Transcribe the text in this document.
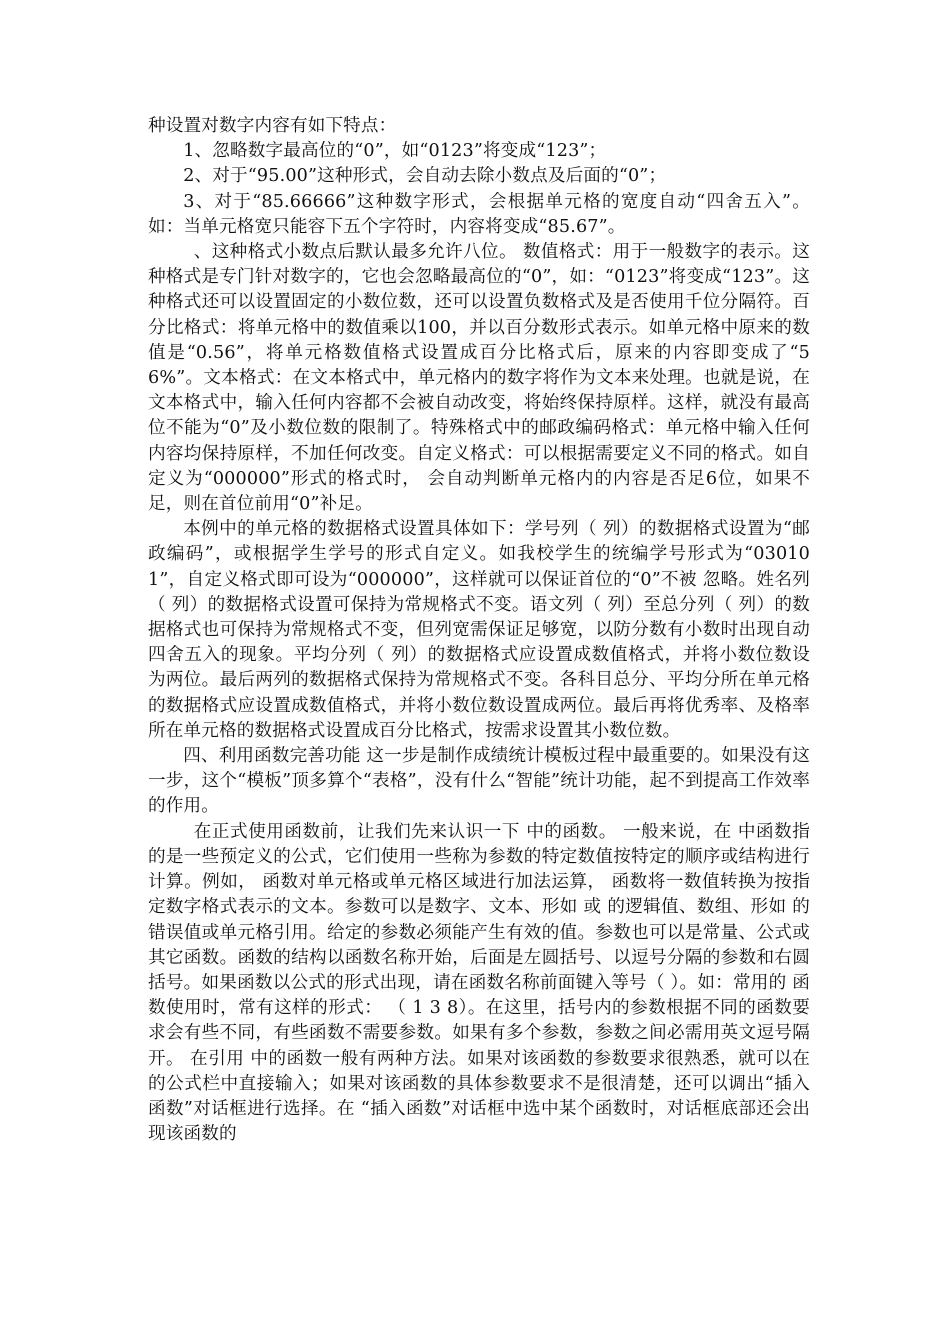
种设置对数字内容有如下特点：

1、忽略数字最高位的“0”，如“0123”将变成“123”；

2、对于“95.00”这种形式，会自动去除小数点及后面的“0”；

3、对于“85.66666”这种数字形式，会根据单元格的宽度自动“四舍五入”。如：当单元格宽只能容下五个字符时，内容将变成“85.67”。

、这种格式小数点后默认最多允许八位。 数值格式：用于一般数字的表示。这种格式是专门针对数字的，它也会忽略最高位的“0”，如：“0123”将变成“123”。这种格式还可以设置固定的小数位数，还可以设置负数格式及是否使用千位分隔符。百分比格式：将单元格中的数值乘以100，并以百分数形式表示。如单元格中原来的数值是“0.56”，将单元格数值格式设置成百分比格式后，原来的内容即变成了“56%”。文本格式：在文本格式中，单元格内的数字将作为文本来处理。也就是说，在文本格式中，输入任何内容都不会被自动改变，将始终保持原样。这样，就没有最高位不能为“0”及小数位数的限制了。特殊格式中的邮政编码格式：单元格中输入任何内容均保持原样，不加任何改变。自定义格式：可以根据需要定义不同的格式。如自定义为“000000”形式的格式时， 会自动判断单元格内的内容是否足6位，如果不足，则在首位前用“0”补足。

本例中的单元格的数据格式设置具体如下：学号列（ 列）的数据格式设置为“邮政编码”，或根据学生学号的形式自定义。如我校学生的统编学号形式为“030101”，自定义格式即可设为“000000”，这样就可以保证首位的“0”不被 忽略。姓名列（ 列）的数据格式设置可保持为常规格式不变。语文列（ 列）至总分列（ 列）的数据格式也可保持为常规格式不变，但列宽需保证足够宽，以防分数有小数时出现自动四舍五入的现象。平均分列（ 列）的数据格式应设置成数值格式，并将小数位数设为两位。最后两列的数据格式保持为常规格式不变。各科目总分、平均分所在单元格的数据格式应设置成数值格式，并将小数位数设置成两位。最后再将优秀率、及格率所在单元格的数据格式设置成百分比格式，按需求设置其小数位数。

四、利用函数完善功能 这一步是制作成绩统计模板过程中最重要的。如果没有这一步，这个“模板”顶多算个“表格”，没有什么“智能”统计功能，起不到提高工作效率的作用。

在正式使用函数前，让我们先来认识一下 中的函数。 一般来说，在 中函数指的是一些预定义的公式，它们使用一些称为参数的特定数值按特定的顺序或结构进行计算。例如， 函数对单元格或单元格区域进行加法运算， 函数将一数值转换为按指定数字格式表示的文本。参数可以是数字、文本、形如 或 的逻辑值、数组、形如 的错误值或单元格引用。给定的参数必须能产生有效的值。参数也可以是常量、公式或其它函数。函数的结构以函数名称开始，后面是左圆括号、以逗号分隔的参数和右圆括号。如果函数以公式的形式出现，请在函数名称前面键入等号（ ）。如：常用的 函数使用时，常有这样的形式： （ 1 3 8）。在这里，括号内的参数根据不同的函数要求会有些不同，有些函数不需要参数。如果有多个参数，参数之间必需用英文逗号隔开。 在引用 中的函数一般有两种方法。如果对该函数的参数要求很熟悉，就可以在 的公式栏中直接输入；如果对该函数的具体参数要求不是很清楚，还可以调出“插入函数”对话框进行选择。在 “插入函数”对话框中选中某个函数时，对话框底部还会出现该函数的
